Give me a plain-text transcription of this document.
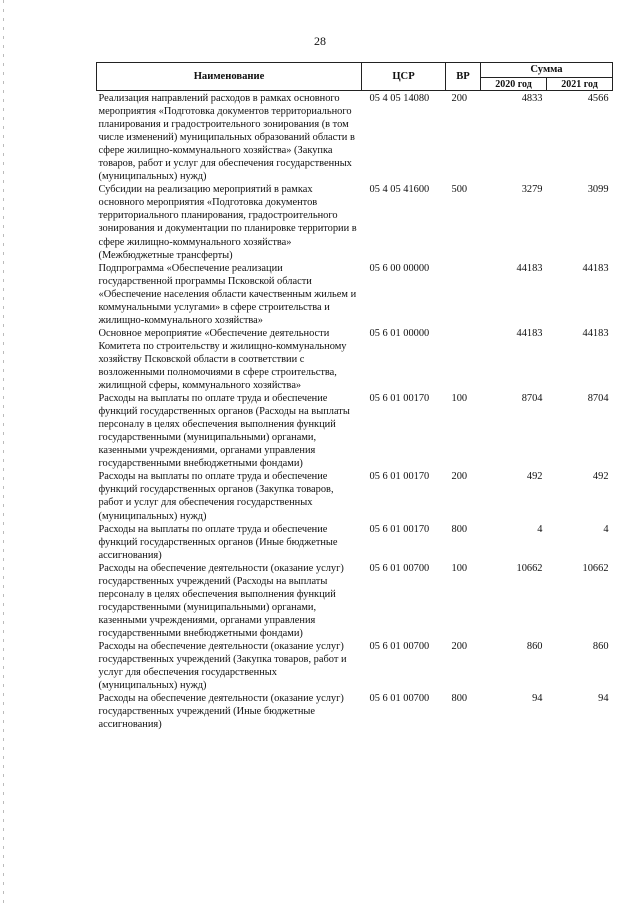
28
Наименование	ЦСР	ВР	Сумма	
			2020 год	2021 год
Реализация направлений расходов в рамках основного мероприятия «Подготовка документов территориального планирования и градостроительного зонирования (в том числе изменений) муниципальных образований области в сфере жилищно-коммунального хозяйства» (Закупка товаров, работ и услуг для обеспечения государственных (муниципальных) нужд)	05 4 05 14080	200	4833	4566
Субсидии на реализацию мероприятий в рамках основного мероприятия «Подготовка документов территориального планирования, градостроительного зонирования и документации по планировке территории в сфере жилищно-коммунального хозяйства» (Межбюджетные трансферты)	05 4 05 41600	500	3279	3099
Подпрограмма «Обеспечение реализации государственной программы Псковской области «Обеспечение населения области качественным жильем и коммунальными услугами» в сфере строительства и жилищно-коммунального хозяйства»	05 6 00 00000		44183	44183
Основное мероприятие «Обеспечение деятельности Комитета по строительству и жилищно-коммунальному хозяйству Псковской области в соответствии с возложенными полномочиями в сфере строительства, жилищной сферы, коммунального хозяйства»	05 6 01 00000		44183	44183
Расходы на выплаты по оплате труда и обеспечение функций государственных органов (Расходы на выплаты персоналу в целях обеспечения выполнения функций государственными (муниципальными) органами, казенными учреждениями, органами управления государственными внебюджетными фондами)	05 6 01 00170	100	8704	8704
Расходы на выплаты по оплате труда и обеспечение функций государственных органов (Закупка товаров, работ и услуг для обеспечения государственных (муниципальных) нужд)	05 6 01 00170	200	492	492
Расходы на выплаты по оплате труда и обеспечение функций государственных органов (Иные бюджетные ассигнования)	05 6 01 00170	800	4	4
Расходы на обеспечение деятельности (оказание услуг) государственных учреждений (Расходы на выплаты персоналу в целях обеспечения выполнения функций государственными (муниципальными) органами, казенными учреждениями, органами управления государственными внебюджетными фондами)	05 6 01 00700	100	10662	10662
Расходы на обеспечение деятельности (оказание услуг) государственных учреждений (Закупка товаров, работ и услуг для обеспечения государственных (муниципальных) нужд)	05 6 01 00700	200	860	860
Расходы на обеспечение деятельности (оказание услуг) государственных учреждений (Иные бюджетные ассигнования)	05 6 01 00700	800	94	94
